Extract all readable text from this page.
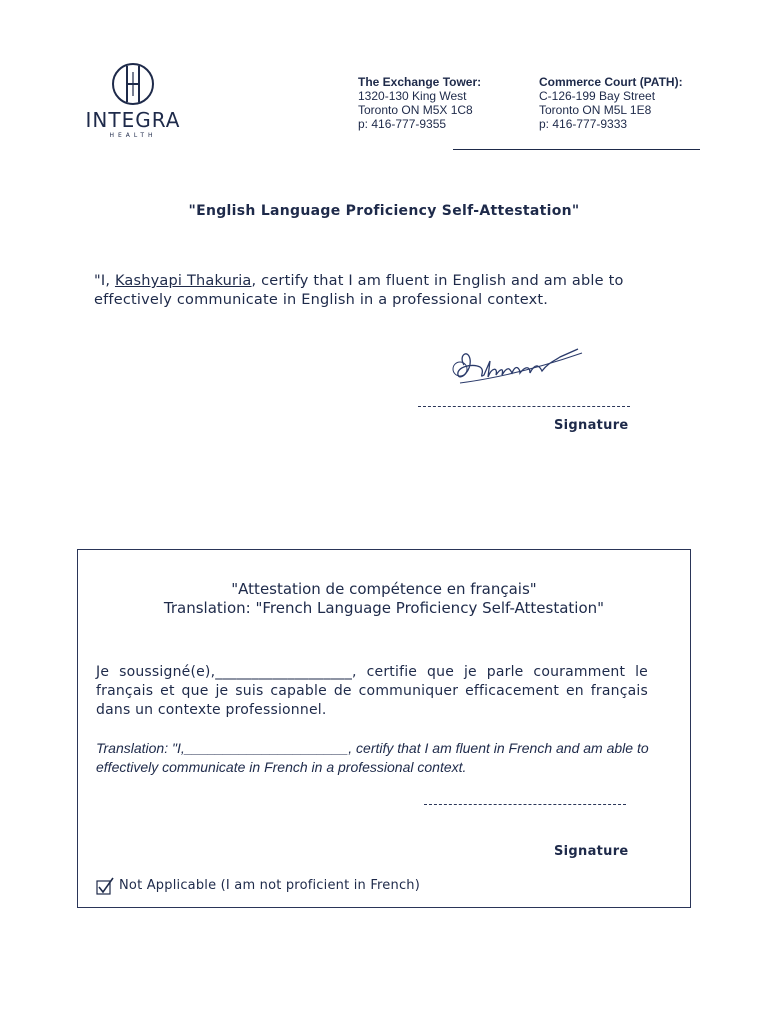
INTEGRA
HEALTH
The Exchange Tower:
1320-130 King West
Toronto ON M5X 1C8
p: 416-777-9355
Commerce Court (PATH):
C-126-199 Bay Street
Toronto ON M5L 1E8
p: 416-777-9333
"English Language Proficiency Self-Attestation"
"I, Kashyapi Thakuria, certify that I am fluent in English and am able to effectively communicate in English in a professional context.
Signature
"Attestation de compétence en français"
Translation: "French Language Proficiency Self-Attestation"
Je soussigné(e),___________________, certifie que je parle couramment le français et que je suis capable de communiquer efficacement en français dans un contexte professionnel.
Translation: "I,_____________________, certify that I am fluent in French and am able to effectively communicate in French in a professional context.
Signature
Not Applicable (I am not proficient in French)
